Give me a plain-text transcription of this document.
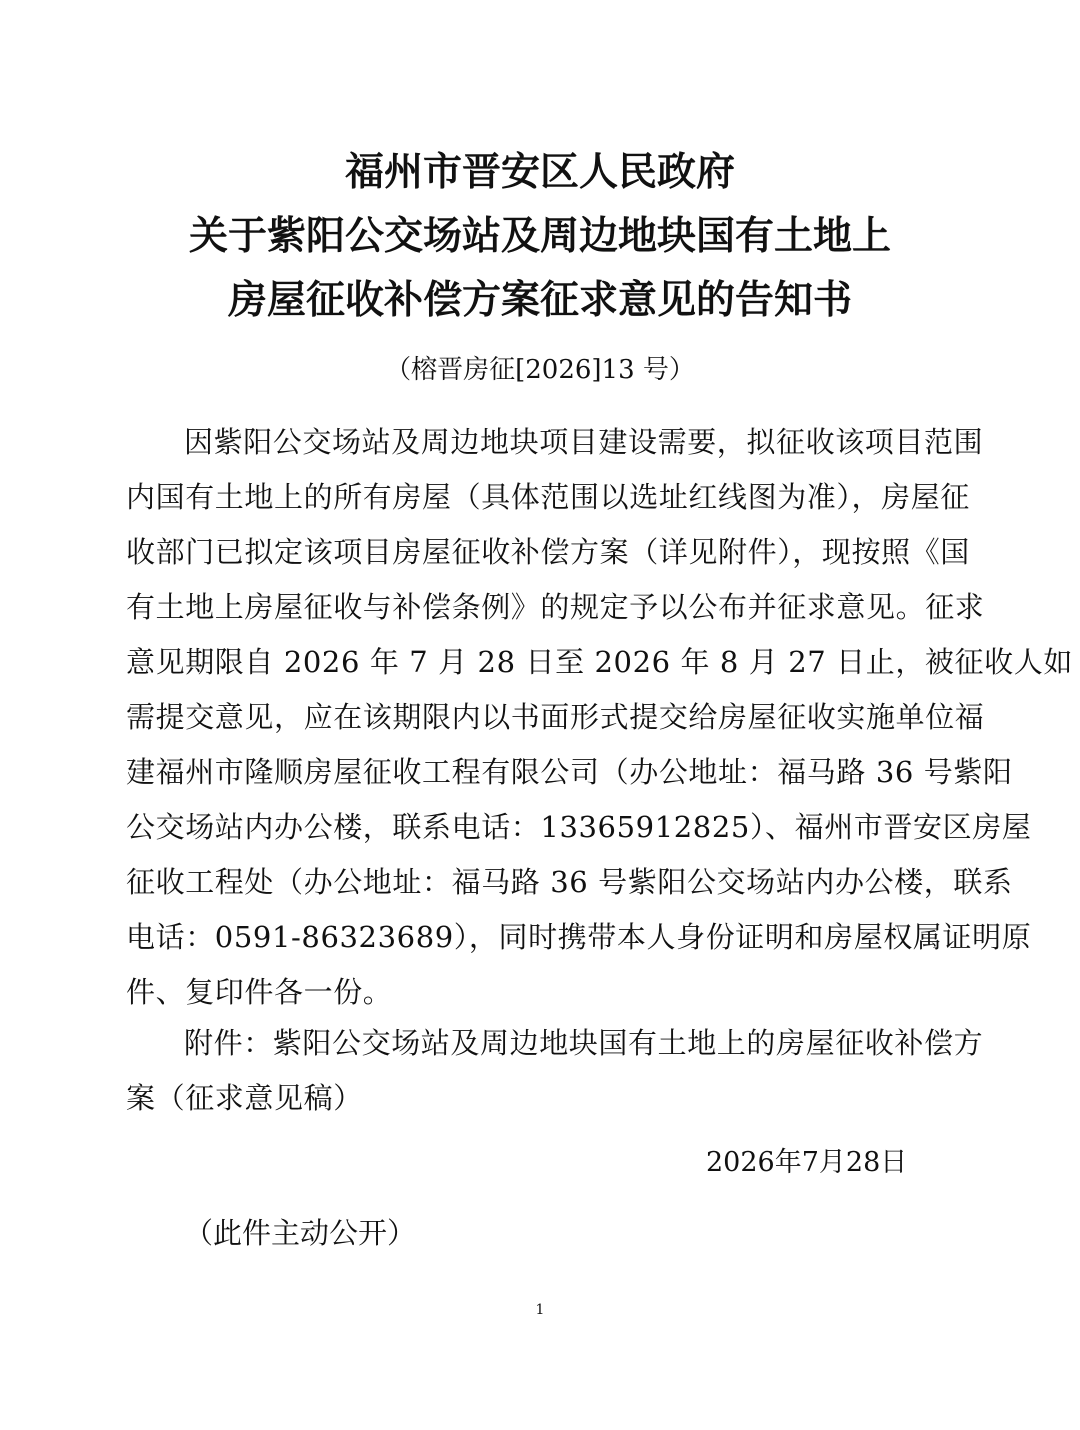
福州市晋安区人民政府
关于紫阳公交场站及周边地块国有土地上
房屋征收补偿方案征求意见的告知书
（榕晋房征[2026]13 号）
因紫阳公交场站及周边地块项目建设需要，拟征收该项目范围
内国有土地上的所有房屋（具体范围以选址红线图为准），房屋征
收部门已拟定该项目房屋征收补偿方案（详见附件），现按照《国
有土地上房屋征收与补偿条例》的规定予以公布并征求意见。征求
意见期限自 2026 年 7 月 28 日至 2026 年 8 月 27 日止，被征收人如
需提交意见，应在该期限内以书面形式提交给房屋征收实施单位福
建福州市隆顺房屋征收工程有限公司（办公地址：福马路 36 号紫阳
公交场站内办公楼，联系电话：13365912825）、福州市晋安区房屋
征收工程处（办公地址：福马路 36 号紫阳公交场站内办公楼，联系
电话：0591-86323689），同时携带本人身份证明和房屋权属证明原
件、复印件各一份。
附件：紫阳公交场站及周边地块国有土地上的房屋征收补偿方
案（征求意见稿）
2026年7月28日
（此件主动公开）
1
